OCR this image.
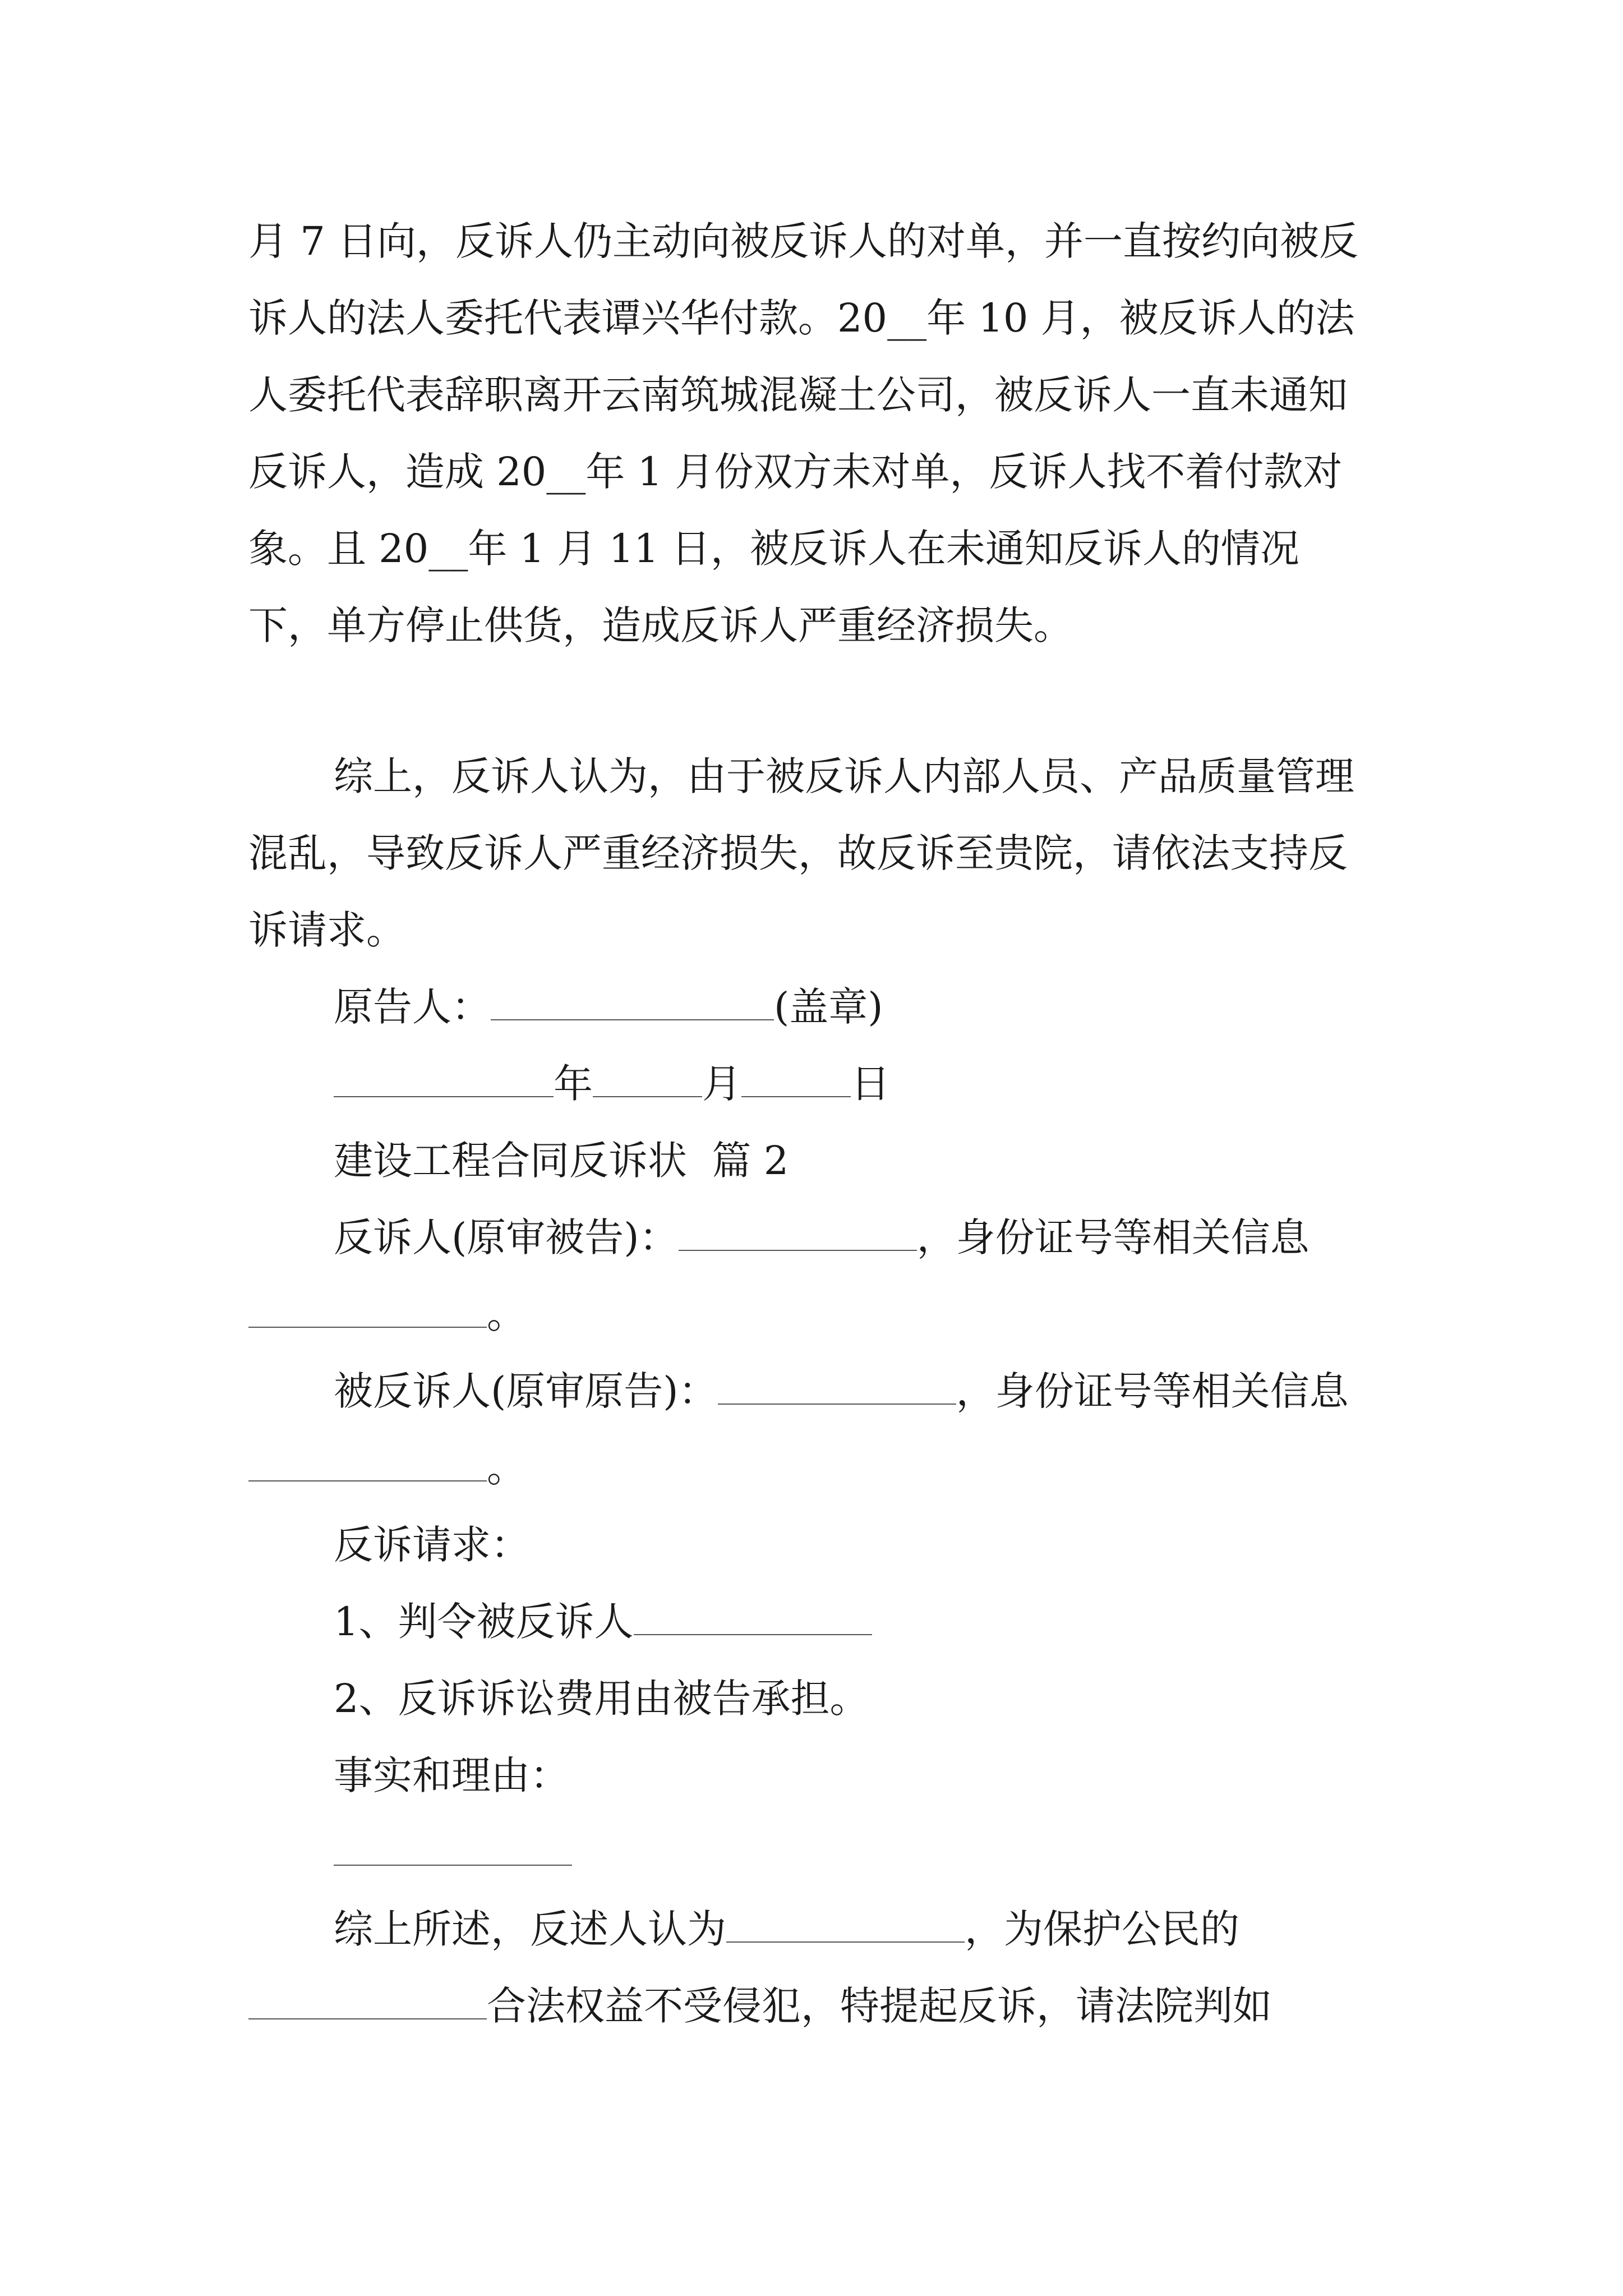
月 7 日向，反诉人仍主动向被反诉人的对单，并一直按约向被反诉人的法人委托代表谭兴华付款。20__年 10 月，被反诉人的法人委托代表辞职离开云南筑城混凝土公司，被反诉人一直未通知反诉人，造成 20__年 1 月份双方未对单，反诉人找不着付款对象。且 20__年 1 月 11 日，被反诉人在未通知反诉人的情况下，单方停止供货，造成反诉人严重经济损失。

综上，反诉人认为，由于被反诉人内部人员、产品质量管理混乱，导致反诉人严重经济损失，故反诉至贵院，请依法支持反诉请求。

原告人：	(盖章)

年	月	日

建设工程合同反诉状  篇 2

反诉人(原审被告)：	，身份证号等相关信息。

被反诉人(原审原告)：	，身份证号等相关信息。

反诉请求：

1、判令被反诉人

2、反诉诉讼费用由被告承担。

事实和理由：

综上所述，反述人认为	，为保护公民的合法权益不受侵犯，特提起反诉，请法院判如
